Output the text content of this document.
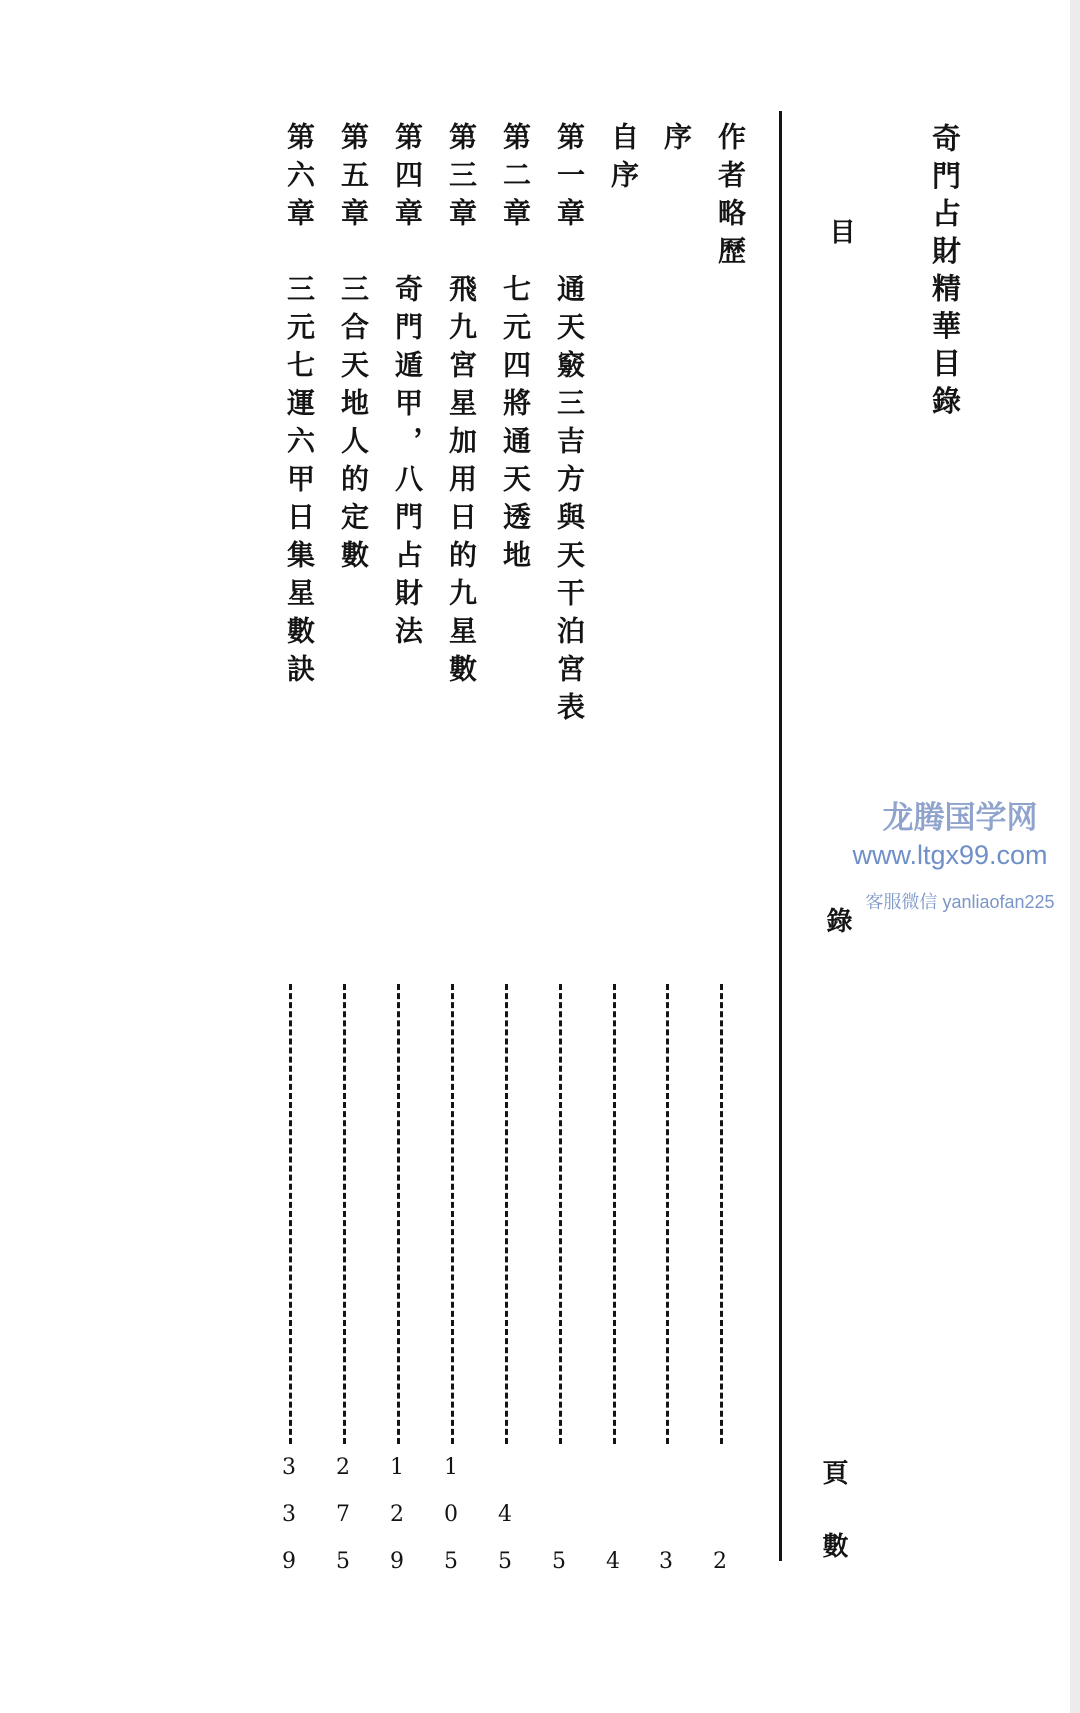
奇門占財精華目錄
目
錄
頁
數
作者略歷
序
自序
第一章通天竅三吉方與天干泊宮表
第二章七元四將通天透地
第三章飛九宮星加用日的九星數
第四章奇門遁甲，八門占財法
第五章三合天地人的定數
第六章三元七運六甲日集星數訣
2
3
4
5
4
5
1
0
5
1
2
9
2
7
5
3
3
9
龙腾国学网
www.ltgx99.com
客服微信 yanliaofan225
